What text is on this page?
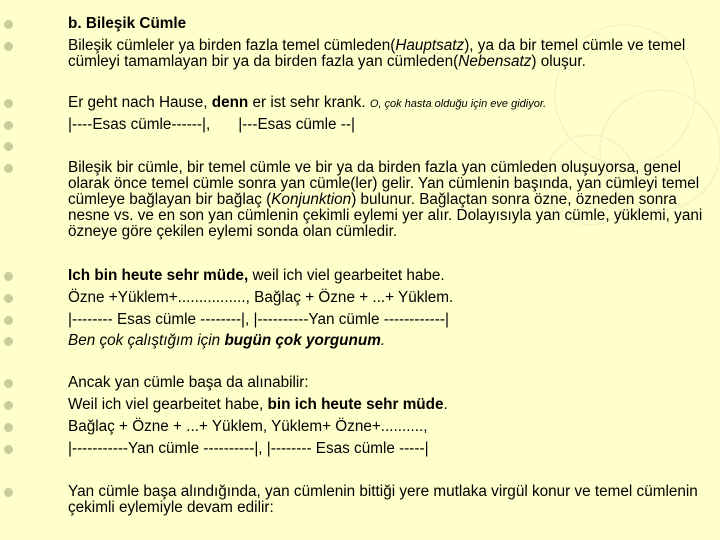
b. Bileşik Cümle
Bileşik cümleler ya birden fazla temel cümleden(Hauptsatz), ya da bir temel cümle ve temel cümleyi tamamlayan bir ya da birden fazla yan cümleden(Nebensatz) oluşur.
Er geht nach Hause, denn er ist sehr krank. O, çok hasta olduğu için eve gidiyor.
|----Esas cümle------|, |---Esas cümle --|
Bileşik bir cümle, bir temel cümle ve bir ya da birden fazla yan cümleden oluşuyorsa, genel olarak önce temel cümle sonra yan cümle(ler) gelir. Yan cümlenin başında, yan cümleyi temel cümleye bağlayan bir bağlaç (Konjunktion) bulunur. Bağlaçtan sonra özne, özneden sonra nesne vs. ve en son yan cümlenin çekimli eylemi yer alır. Dolayısıyla yan cümle, yüklemi, yani özneye göre çekilen eylemi sonda olan cümledir.
Ich bin heute sehr müde, weil ich viel gearbeitet habe.
Özne +Yüklem+................, Bağlaç + Özne + ...+ Yüklem.
|-------- Esas cümle --------|, |----------Yan cümle ------------|
Ben çok çalıştığım için bugün çok yorgunum.
Ancak yan cümle başa da alınabilir:
Weil ich viel gearbeitet habe, bin ich heute sehr müde.
Bağlaç + Özne + ...+ Yüklem, Yüklem+ Özne+..........,
|-----------Yan cümle ----------|, |-------- Esas cümle -----|
Yan cümle başa alındığında, yan cümlenin bittiği yere mutlaka virgül konur ve temel cümlenin çekimli eylemiyle devam edilir:
